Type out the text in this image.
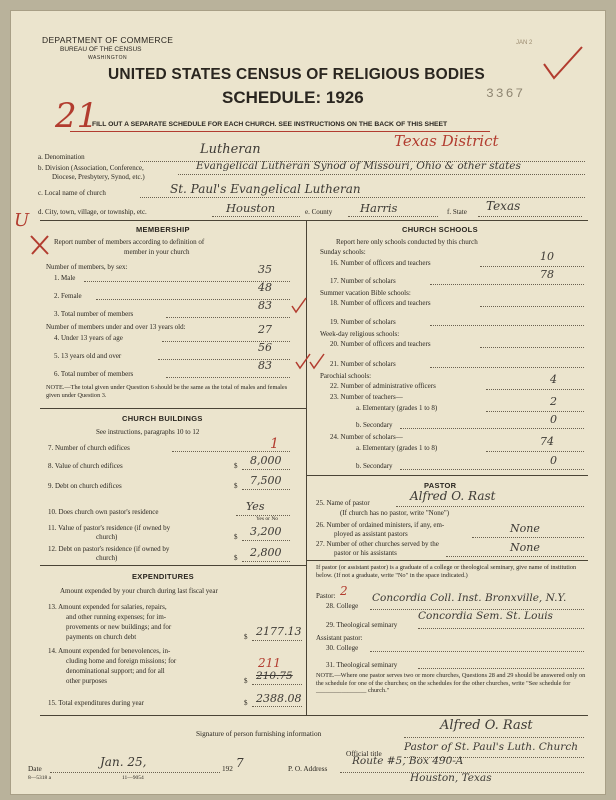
DEPARTMENT OF COMMERCE
BUREAU OF THE CENSUS
WASHINGTON
UNITED STATES CENSUS OF RELIGIOUS BODIES
SCHEDULE: 1926
FILL OUT A SEPARATE SCHEDULE FOR EACH CHURCH. SEE INSTRUCTIONS ON THE BACK OF THIS SHEET
JAN 2
3367
21
U
a. Denomination	Lutheran	Texas District
b. Division (Association, Conference,
Diocese, Presbytery, Synod, etc.)
Evangelical Lutheran Synod of Missouri, Ohio & other states
c. Local name of church	St. Paul's Evangelical Lutheran
d. City, town, village, or township, etc.	Houston	e. County Harris	f. State Texas
MEMBERSHIP
Report number of members according to definition of
member in your church
Number of members, by sex:
1. Male
35
2. Female
48
3. Total number of members
83
Number of members under and over 13 years old:
4. Under 13 years of age
27
5. 13 years old and over
56
6. Total number of members
83
NOTE.—The total given under Question 6 should be the same as the total of males and females given under Question 3.
CHURCH BUILDINGS
See instructions, paragraphs 10 to 12
7. Number of church edifices	1
8. Value of church edifices	$ 8,000
9. Debt on church edifices	$ 7,500
10. Does church own pastor's residence	Yes
Yes or No
11. Value of pastor's residence (if owned by
church)	$ 3,200
12. Debt on pastor's residence (if owned by
church)	$ 2,800
EXPENDITURES
Amount expended by your church during last fiscal year
13. Amount expended for salaries, repairs,
and other running expenses; for im-
provements or new buildings; and for
payments on church debt	$ 2177.13
14. Amount expended for benevolences, in-
cluding home and foreign missions; for
denominational support; and for all
other purposes
211
$ 210.75
15. Total expenditures during year	$ 2388.08
CHURCH SCHOOLS
Report here only schools conducted by this church
Sunday schools:
16. Number of officers and teachers	10
17. Number of scholars	78
Summer vacation Bible schools:
18. Number of officers and teachers
19. Number of scholars
Week-day religious schools:
20. Number of officers and teachers
21. Number of scholars
Parochial schools:
22. Number of administrative officers	4
23. Number of teachers—
a. Elementary (grades 1 to 8)	2
b. Secondary	0
24. Number of scholars—
a. Elementary (grades 1 to 8)	74
b. Secondary	0
PASTOR
25. Name of pastor	Alfred O. Rast
(If church has no pastor, write "None")
26. Number of ordained ministers, if any, em-
ployed as assistant pastors	None
27. Number of other churches served by the
pastor or his assistants	None
If pastor (or assistant pastor) is a graduate of a college or theological seminary, give name of institution below. (If not a graduate, write "No" in the space indicated.)
Pastor: 2
28. College
Concordia Coll. Inst. Bronxville, N.Y.
29. Theological seminary
Concordia Sem. St. Louis
Assistant pastor:
30. College
31. Theological seminary
NOTE.—Where one pastor serves two or more churches, Questions 28 and 29 should be answered only on the schedule for one of the churches; on the schedules for the other churches, write "See schedule for ________________ church."
Signature of person furnishing information
Alfred O. Rast
Official title
Pastor of St. Paul's Luth. Church
Date	Jan. 25,	192 7	P. O. Address
Route #5, Box 490-A
Houston, Texas
8—5318 a	11—9054
